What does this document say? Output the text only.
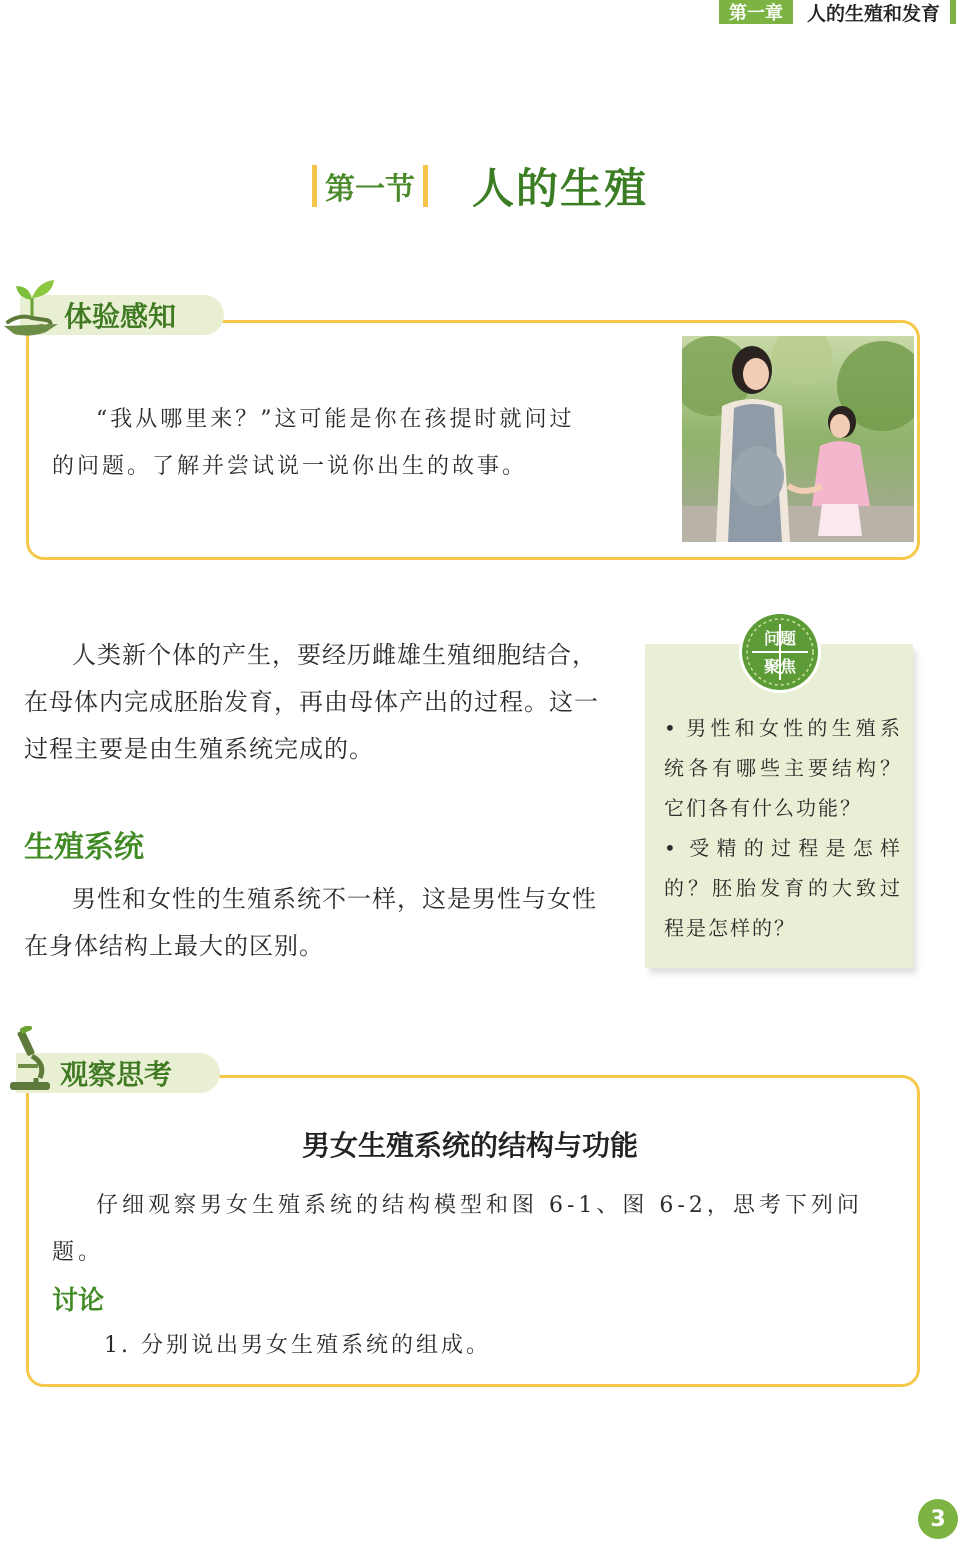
第一章	人的生殖和发育
第一节 人的生殖
体验感知
“我从哪里来？”这可能是你在孩提时就问过
的问题。了解并尝试说一说你出生的故事。
人类新个体的产生，要经历雌雄生殖细胞结合，在母体内完成胚胎发育，再由母体产出的过程。这一过程主要是由生殖系统完成的。
生殖系统
男性和女性的生殖系统不一样，这是男性与女性在身体结构上最大的区别。
问题
聚焦
• 男性和女性的生殖系统各有哪些主要结构？它们各有什么功能？
• 受精的过程是怎样的？胚胎发育的大致过程是怎样的？
观察思考
男女生殖系统的结构与功能
仔细观察男女生殖系统的结构模型和图 6-1、图 6-2，思考下列问题。
讨论
1. 分别说出男女生殖系统的组成。
3
